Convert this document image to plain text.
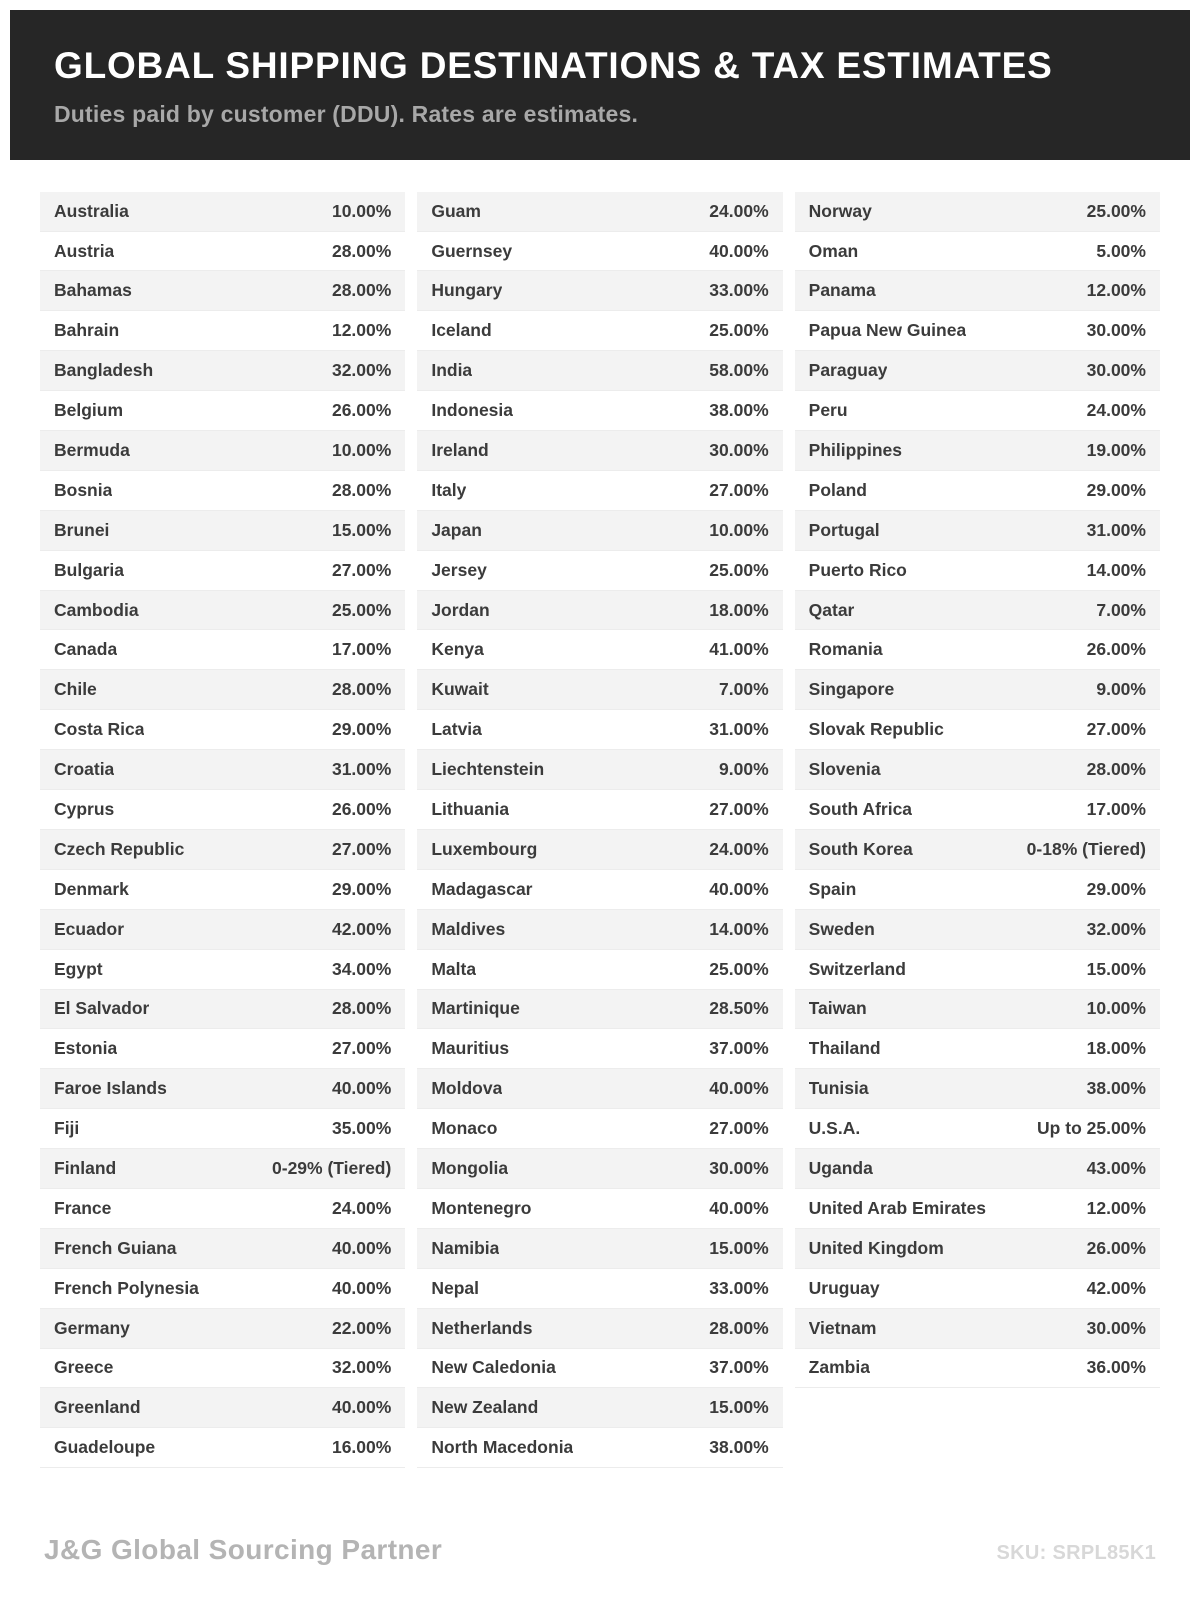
GLOBAL SHIPPING DESTINATIONS & TAX ESTIMATES
Duties paid by customer (DDU). Rates are estimates.
Australia	10.00%
Austria	28.00%
Bahamas	28.00%
Bahrain	12.00%
Bangladesh	32.00%
Belgium	26.00%
Bermuda	10.00%
Bosnia	28.00%
Brunei	15.00%
Bulgaria	27.00%
Cambodia	25.00%
Canada	17.00%
Chile	28.00%
Costa Rica	29.00%
Croatia	31.00%
Cyprus	26.00%
Czech Republic	27.00%
Denmark	29.00%
Ecuador	42.00%
Egypt	34.00%
El Salvador	28.00%
Estonia	27.00%
Faroe Islands	40.00%
Fiji	35.00%
Finland	0-29% (Tiered)
France	24.00%
French Guiana	40.00%
French Polynesia	40.00%
Germany	22.00%
Greece	32.00%
Greenland	40.00%
Guadeloupe	16.00%
Guam	24.00%
Guernsey	40.00%
Hungary	33.00%
Iceland	25.00%
India	58.00%
Indonesia	38.00%
Ireland	30.00%
Italy	27.00%
Japan	10.00%
Jersey	25.00%
Jordan	18.00%
Kenya	41.00%
Kuwait	7.00%
Latvia	31.00%
Liechtenstein	9.00%
Lithuania	27.00%
Luxembourg	24.00%
Madagascar	40.00%
Maldives	14.00%
Malta	25.00%
Martinique	28.50%
Mauritius	37.00%
Moldova	40.00%
Monaco	27.00%
Mongolia	30.00%
Montenegro	40.00%
Namibia	15.00%
Nepal	33.00%
Netherlands	28.00%
New Caledonia	37.00%
New Zealand	15.00%
North Macedonia	38.00%
Norway	25.00%
Oman	5.00%
Panama	12.00%
Papua New Guinea	30.00%
Paraguay	30.00%
Peru	24.00%
Philippines	19.00%
Poland	29.00%
Portugal	31.00%
Puerto Rico	14.00%
Qatar	7.00%
Romania	26.00%
Singapore	9.00%
Slovak Republic	27.00%
Slovenia	28.00%
South Africa	17.00%
South Korea	0-18% (Tiered)
Spain	29.00%
Sweden	32.00%
Switzerland	15.00%
Taiwan	10.00%
Thailand	18.00%
Tunisia	38.00%
U.S.A.	Up to 25.00%
Uganda	43.00%
United Arab Emirates	12.00%
United Kingdom	26.00%
Uruguay	42.00%
Vietnam	30.00%
Zambia	36.00%
J&G Global Sourcing Partner	SKU: SRPL85K1
